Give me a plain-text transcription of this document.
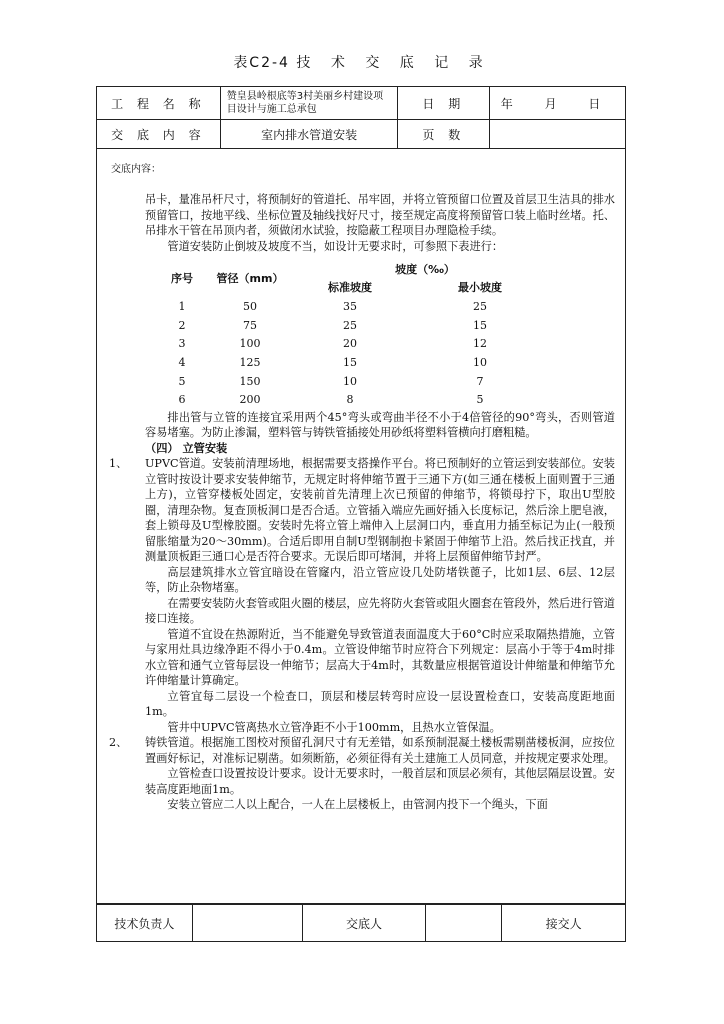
表C2-4 技 术 交 底 记 录
工 程 名 称	赞皇县岭根底等3村美丽乡村建设项目设计与施工总承包	日 期	年 月 日
交 底 内 容	室内排水管道安装	页 数	
交底内容：

吊卡，量准吊杆尺寸，将预制好的管道托、吊牢固，并将立管预留口位置及首层卫生洁具的排水预留管口，按地平线、坐标位置及轴线找好尺寸，接至规定高度将预留管口装上临时丝堵。托、吊排水干管在吊顶内者，须做闭水试验，按隐蔽工程项目办理隐检手续。

管道安装防止倒坡及坡度不当，如设计无要求时，可参照下表进行：

序号	管径（mm）	坡度（‰）	
		标准坡度	最小坡度
1	50	35	25
2	75	25	15
3	100	20	12
4	125	15	10
5	150	10	7
6	200	8	5

排出管与立管的连接宜采用两个45°弯头或弯曲半径不小于4倍管径的90°弯头，否则管道容易堵塞。为防止渗漏，塑料管与铸铁管插接处用砂纸将塑料管横向打磨粗糙。

（四） 立管安装

1、 UPVC管道。安装前清理场地，根据需要支搭操作平台。将已预制好的立管运到安装部位。安装立管时按设计要求安装伸缩节，无规定时将伸缩节置于三通下方(如三通在楼板上面则置于三通上方)，立管穿楼板处固定，安装前首先清理上次已预留的伸缩节，将锁母拧下，取出U型胶圈，清理杂物。复查顶板洞口是否合适。立管插入端应先画好插入长度标记，然后涂上肥皂液，套上锁母及U型橡胶圈。安装时先将立管上端伸入上层洞口内，垂直用力插至标记为止(一般预留胀缩量为20～30mm)。合适后即用自制U型钢制抱卡紧固于伸缩节上沿。然后找正找直，并测量顶板距三通口心是否符合要求。无误后即可堵洞，并将上层预留伸缩节封严。

高层建筑排水立管宜暗设在管窿内，沿立管应设几处防堵铁蓖子，比如1层、6层、12层等，防止杂物堵塞。

在需要安装防火套管或阻火圈的楼层，应先将防火套管或阻火圈套在管段外，然后进行管道接口连接。

管道不宜设在热源附近，当不能避免导致管道表面温度大于60°C时应采取隔热措施，立管与家用灶具边缘净距不得小于0.4m。立管设伸缩节时应符合下列规定：层高小于等于4m时排水立管和通气立管每层设一伸缩节；层高大于4m时，其数量应根据管道设计伸缩量和伸缩节允许伸缩量计算确定。

立管宜每二层设一个检查口，顶层和楼层转弯时应设一层设置检查口，安装高度距地面1m。

管井中UPVC管离热水立管净距不小于100mm，且热水立管保温。

2、 铸铁管道。根据施工图校对预留孔洞尺寸有无差错，如系预制混凝土楼板需剔凿楼板洞，应按位置画好标记，对准标记剔凿。如须断筋，必须征得有关土建施工人员同意，并按规定要求处理。

立管检查口设置按设计要求。设计无要求时，一般首层和顶层必须有，其他层隔层设置。安装高度距地面1m。

安装立管应二人以上配合，一人在上层楼板上，由管洞内投下一个绳头，下面

技术负责人		交底人		接交人
